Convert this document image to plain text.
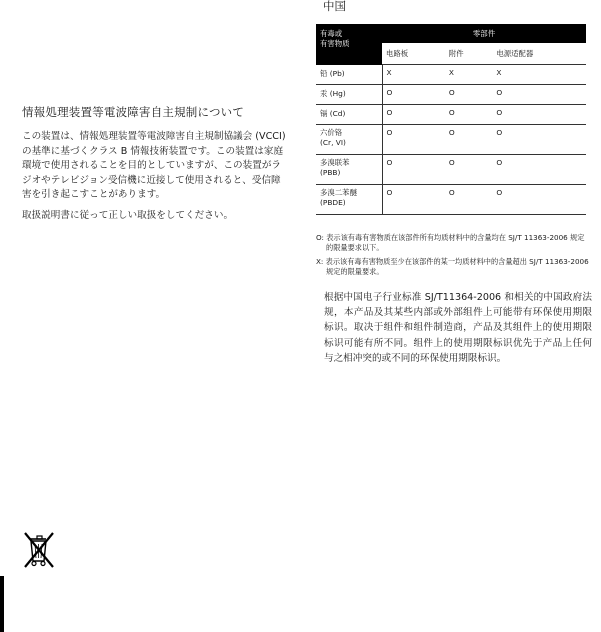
情報処理装置等電波障害自主規制について

この装置は、情報処理装置等電波障害自主規制協議会 (VCCI) の基準に基づくクラス B 情報技術装置です。この装置は家庭環境で使用されることを目的としていますが、この装置がラジオやテレビジョン受信機に近接して使用されると、受信障害を引き起こすことがあります。

取扱説明書に従って正しい取扱をしてください。

中国
有毒或
有害物质	零部件		
	电路板	附件	电源适配器
铅 (Pb)	X	X	X
汞 (Hg)	O	O	O
镉 (Cd)	O	O	O

六价铬
(Cr, VI)	O	O	O

多溴联苯
(PBB)	O	O	O

多溴二苯醚
(PBDE)	O	O	O

O: 表示该有毒有害物质在该部件所有均质材料中的含量均在 SJ/T 11363-2006 规定的限量要求以下。

X: 表示该有毒有害物质至少在该部件的某一均质材料中的含量超出 SJ/T 11363-2006 规定的限量要求。

根据中国电子行业标准 SJ/T11364-2006 和相关的中国政府法规，本产品及其某些内部或外部组件上可能带有环保使用期限标识。取决于组件和组件制造商，产品及其组件上的使用期限标识可能有所不同。组件上的使用期限标识优先于产品上任何与之相冲突的或不同的环保使用期限标识。
